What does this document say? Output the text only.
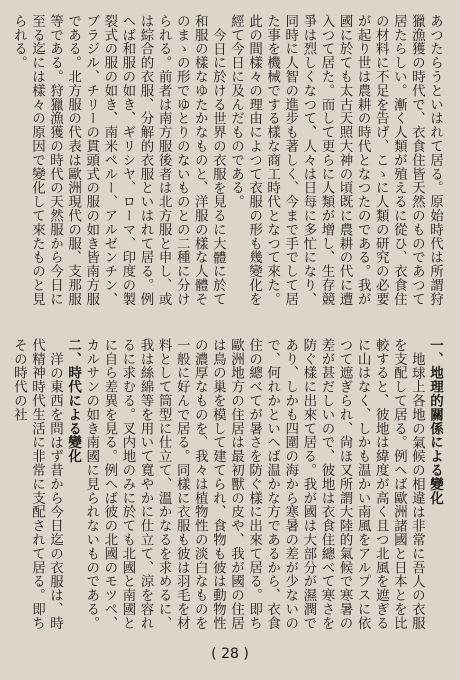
あつたらうといはれて居る。原始時代は所謂狩獵漁獲の時代で、衣食住皆天然のものであつて居たらしい。漸く人類が殖えるに從ひ、衣食住の材料に不足を告げ、こゝに人類の研究の必要が起り世は農耕の時代となつたのである。我が國に於ても太古天照大神の頃既に農耕の代に遭入つて居た。而して更らに人類が增し、生存競爭は烈しくなつて、人々は日每に多忙になり、同時に人智の進步も著しく、今まで手でして居た事を機械でする樣な商工時代となつて來た。此の間樣々の理由によつて衣服の形も幾變化を經て今日に及んだものである。

今日に於ける世界の衣服を見るに大體に於て和服の樣なゆたかなものと、洋服の樣な人體そのまゝの形でゆとりのないものとの二種に分けられる。前者は南方服後者は北方服と申し、或は綜合的衣服、分解的衣服といはれて居る。例へば和服の如き、ギリシヤ、ローマ、印度の製裂式の服の如き、南米ペルー、アルゼンチン、ブラジル、チリーの貫頭式の服の如き皆南方服である。北方服の代表は歐洲現代の服、支那服等である。狩獵漁獲の時代の天然服から今日に至る迄には樣々の原因で變化して來たものと見られる。

一、地理的關係による變化

地球上各地の氣候の相違は非常に吾人の衣服を支配して居る。例へば歐洲諸國と日本とを比較すると、彼地は緯度が高く且つ北風を遮ぎるに山はなく、しかも温かい南風をアルプスに依つて遮ぎられ、尙ほ又所謂大陸的氣候で寒暑の差が甚だしいので、彼地は衣食住總べて寒さを防ぐ樣に出來て居る。我が國は大部分が濕潤であり、しかも四圍の海から寒暑の差が少ないので、何れかといへば温かな方であるから、衣食住の總べてが暑さを防ぐ樣に出來て居る。即ち歐洲地方の住居は最初獸の皮や、我が國の住居は鳥の巢を模して建てられ、食物も彼は動物性の濃厚なものを、我々は植物性の淡白なものを一般に好んで居る。同樣に衣服も彼は羽毛を材料として筒型に仕立て、溫かなるを求めるに、我は絲綿等を用いて寬やかに仕立て、涼を容れるに求むる。叉内地のみに於ても北國と南國とに自ら差異を見る。例へば彼の北國のモツペ、カルサンの如き南國に見られないものである。

二、時代による變化

洋の東西を問はず昔から今日迄の衣服は、時代精神時代生活に非常に支配されて居る。即ちその時代の社

( 28 )
